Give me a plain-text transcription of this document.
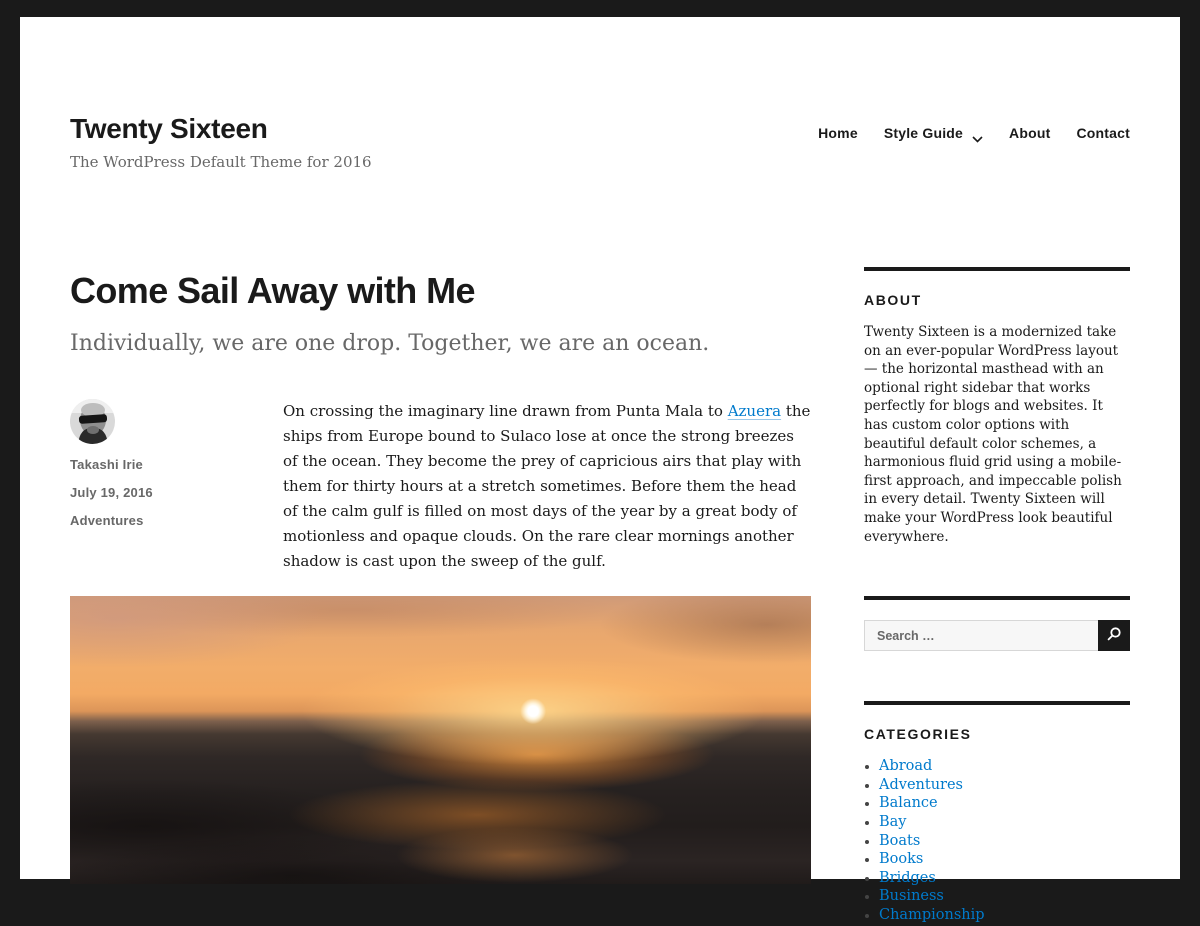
Twenty Sixteen
The WordPress Default Theme for 2016
Home Style Guide	About Contact
Come Sail Away with Me

Individually, we are one drop. Together, we are an ocean.

Takashi Irie
July 19, 2016
Adventures
On crossing the imaginary line drawn from Punta Mala to Azuera the ships from Europe bound to Sulaco lose at once the strong breezes of the ocean. They become the prey of capricious airs that play with them for thirty hours at a stretch sometimes. Before them the head of the calm gulf is filled on most days of the year by a great body of motionless and opaque clouds. On the rare clear mornings another shadow is cast upon the sweep of the gulf.
ABOUT

Twenty Sixteen is a modernized take on an ever-popular WordPress layout — the horizontal masthead with an optional right sidebar that works perfectly for blogs and websites. It has custom color options with beautiful default color schemes, a harmonious fluid grid using a mobile-first approach, and impeccable polish in every detail. Twenty Sixteen will make your WordPress look beautiful everywhere.

Search …
CATEGORIES
Abroad
Adventures
Balance
Bay
Boats
Books
Bridges
Business
Championship
